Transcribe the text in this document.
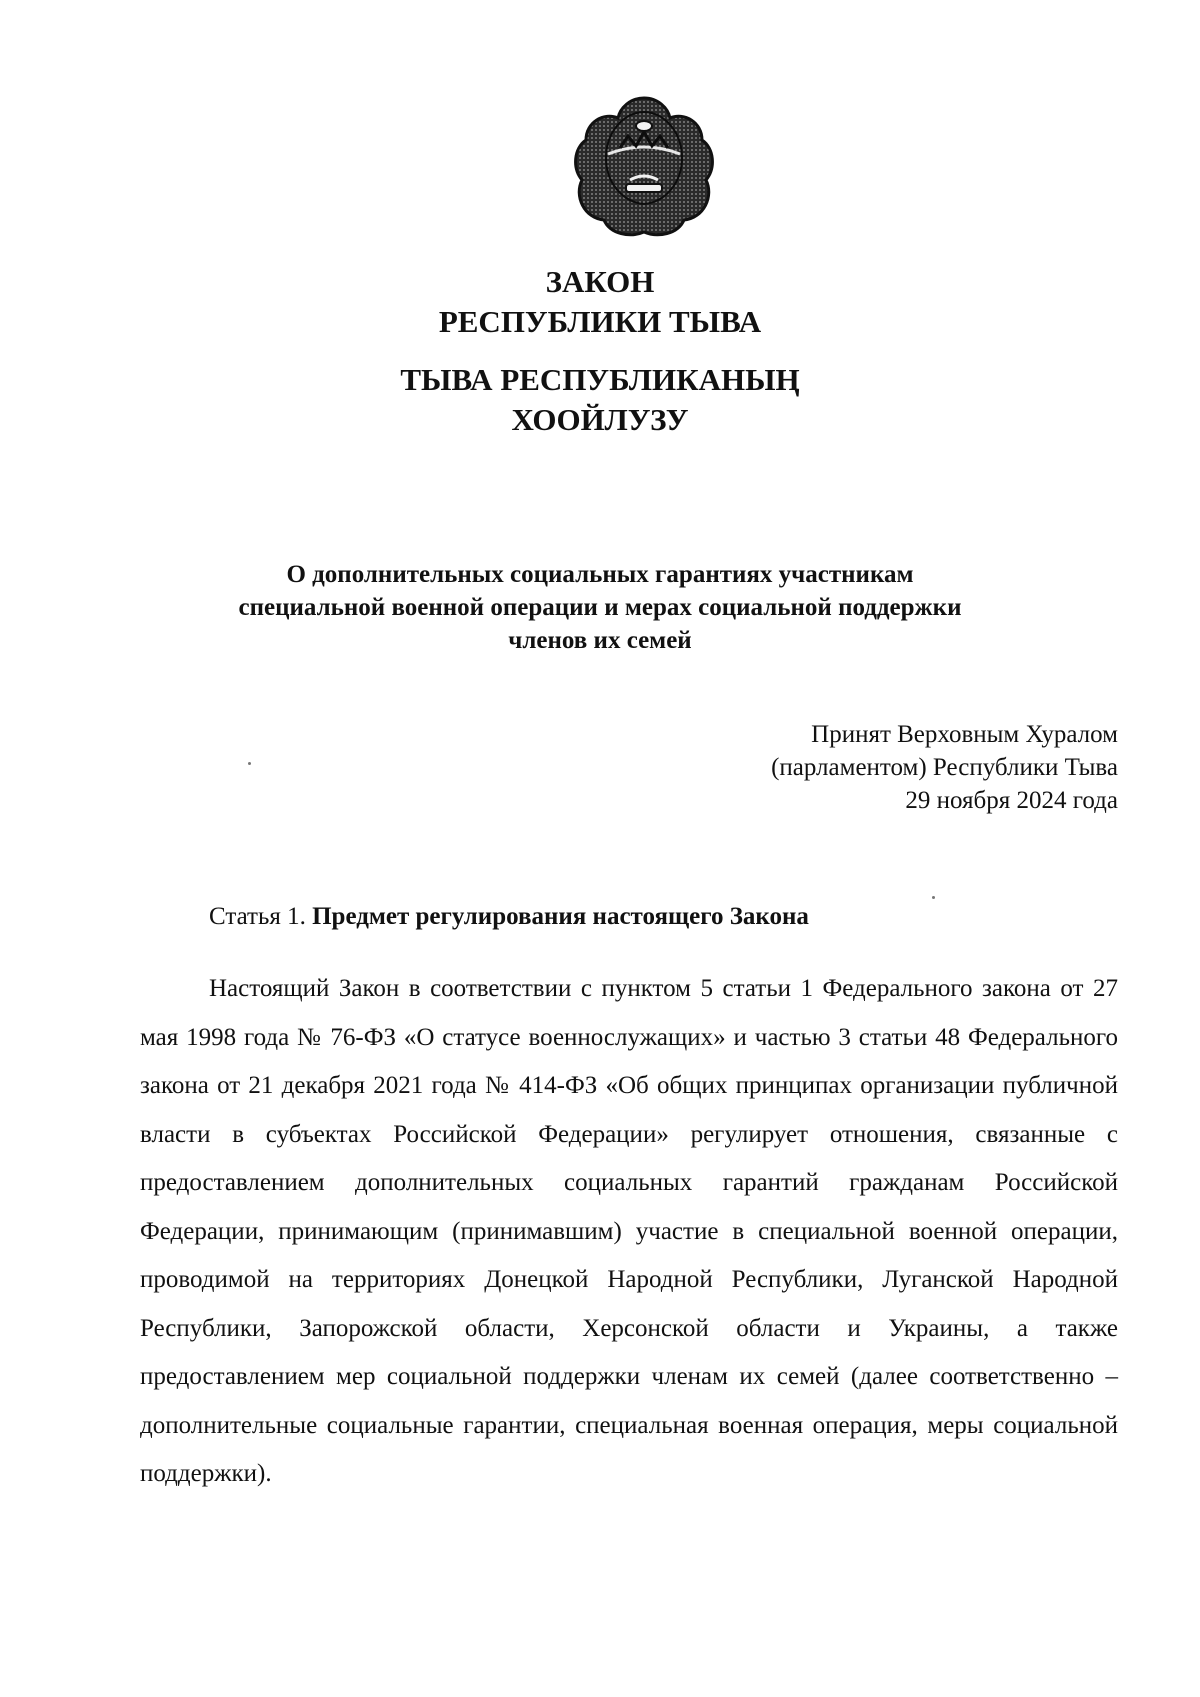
ЗАКОН
РЕСПУБЛИКИ ТЫВА
ТЫВА РЕСПУБЛИКАНЫҢ
ХООЙЛУЗУ
О дополнительных социальных гарантиях участникам специальной военной операции и мерах социальной поддержки членов их семей
Принят Верховным Хуралом
(парламентом) Республики Тыва
29 ноября 2024 года
Статья 1. Предмет регулирования настоящего Закона

Настоящий Закон в соответствии с пунктом 5 статьи 1 Федерального закона от 27 мая 1998 года № 76-ФЗ «О статусе военнослужащих» и частью 3 статьи 48 Федерального закона от 21 декабря 2021 года № 414-ФЗ «Об общих принципах организации публичной власти в субъектах Российской Федерации» регулирует отношения, связанные с предоставлением дополнительных социальных гарантий гражданам Российской Федерации, принимающим (принимавшим) участие в специальной военной операции, проводимой на территориях Донецкой Народной Республики, Луганской Народной Республики, Запорожской области, Херсонской области и Украины, а также предоставлением мер социальной поддержки членам их семей (далее соответственно – дополнительные социальные гарантии, специальная военная операция, меры социальной поддержки).
